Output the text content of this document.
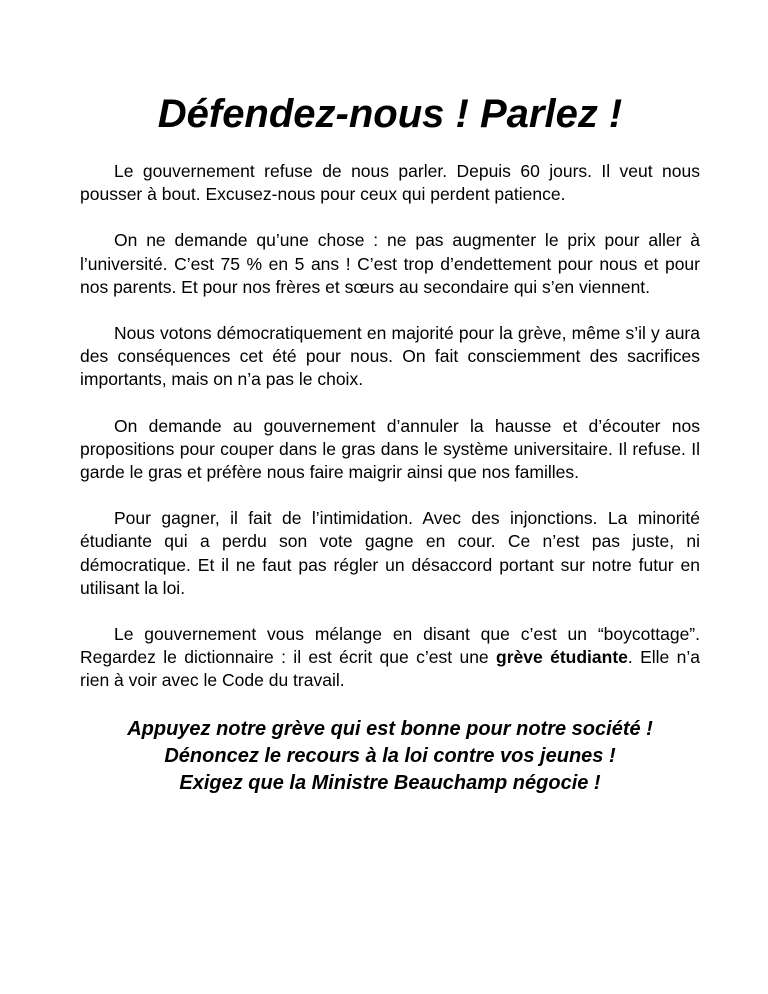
Défendez-nous ! Parlez !

Le gouvernement refuse de nous parler. Depuis 60 jours. Il veut nous pousser à bout. Excusez-nous pour ceux qui perdent patience.

On ne demande qu’une chose : ne pas augmenter le prix pour aller à l’université. C’est 75 % en 5 ans ! C’est trop d’endettement pour nous et pour nos parents. Et pour nos frères et sœurs au secondaire qui s’en viennent.

Nous votons démocratiquement en majorité pour la grève, même s’il y aura des conséquences cet été pour nous. On fait consciemment des sacrifices importants, mais on n’a pas le choix.

On demande au gouvernement d’annuler la hausse et d’écouter nos propositions pour couper dans le gras dans le système universitaire. Il refuse. Il garde le gras et préfère nous faire maigrir ainsi que nos familles.

Pour gagner, il fait de l’intimidation. Avec des injonctions. La minorité étudiante qui a perdu son vote gagne en cour. Ce n’est pas juste, ni démocratique. Et il ne faut pas régler un désaccord portant sur notre futur en utilisant la loi.

Le gouvernement vous mélange en disant que c’est un “boycottage”. Regardez le dictionnaire : il est écrit que c’est une grève étudiante. Elle n’a rien à voir avec le Code du travail.

Appuyez notre grève qui est bonne pour notre société !
Dénoncez le recours à la loi contre vos jeunes !
Exigez que la Ministre Beauchamp négocie !
